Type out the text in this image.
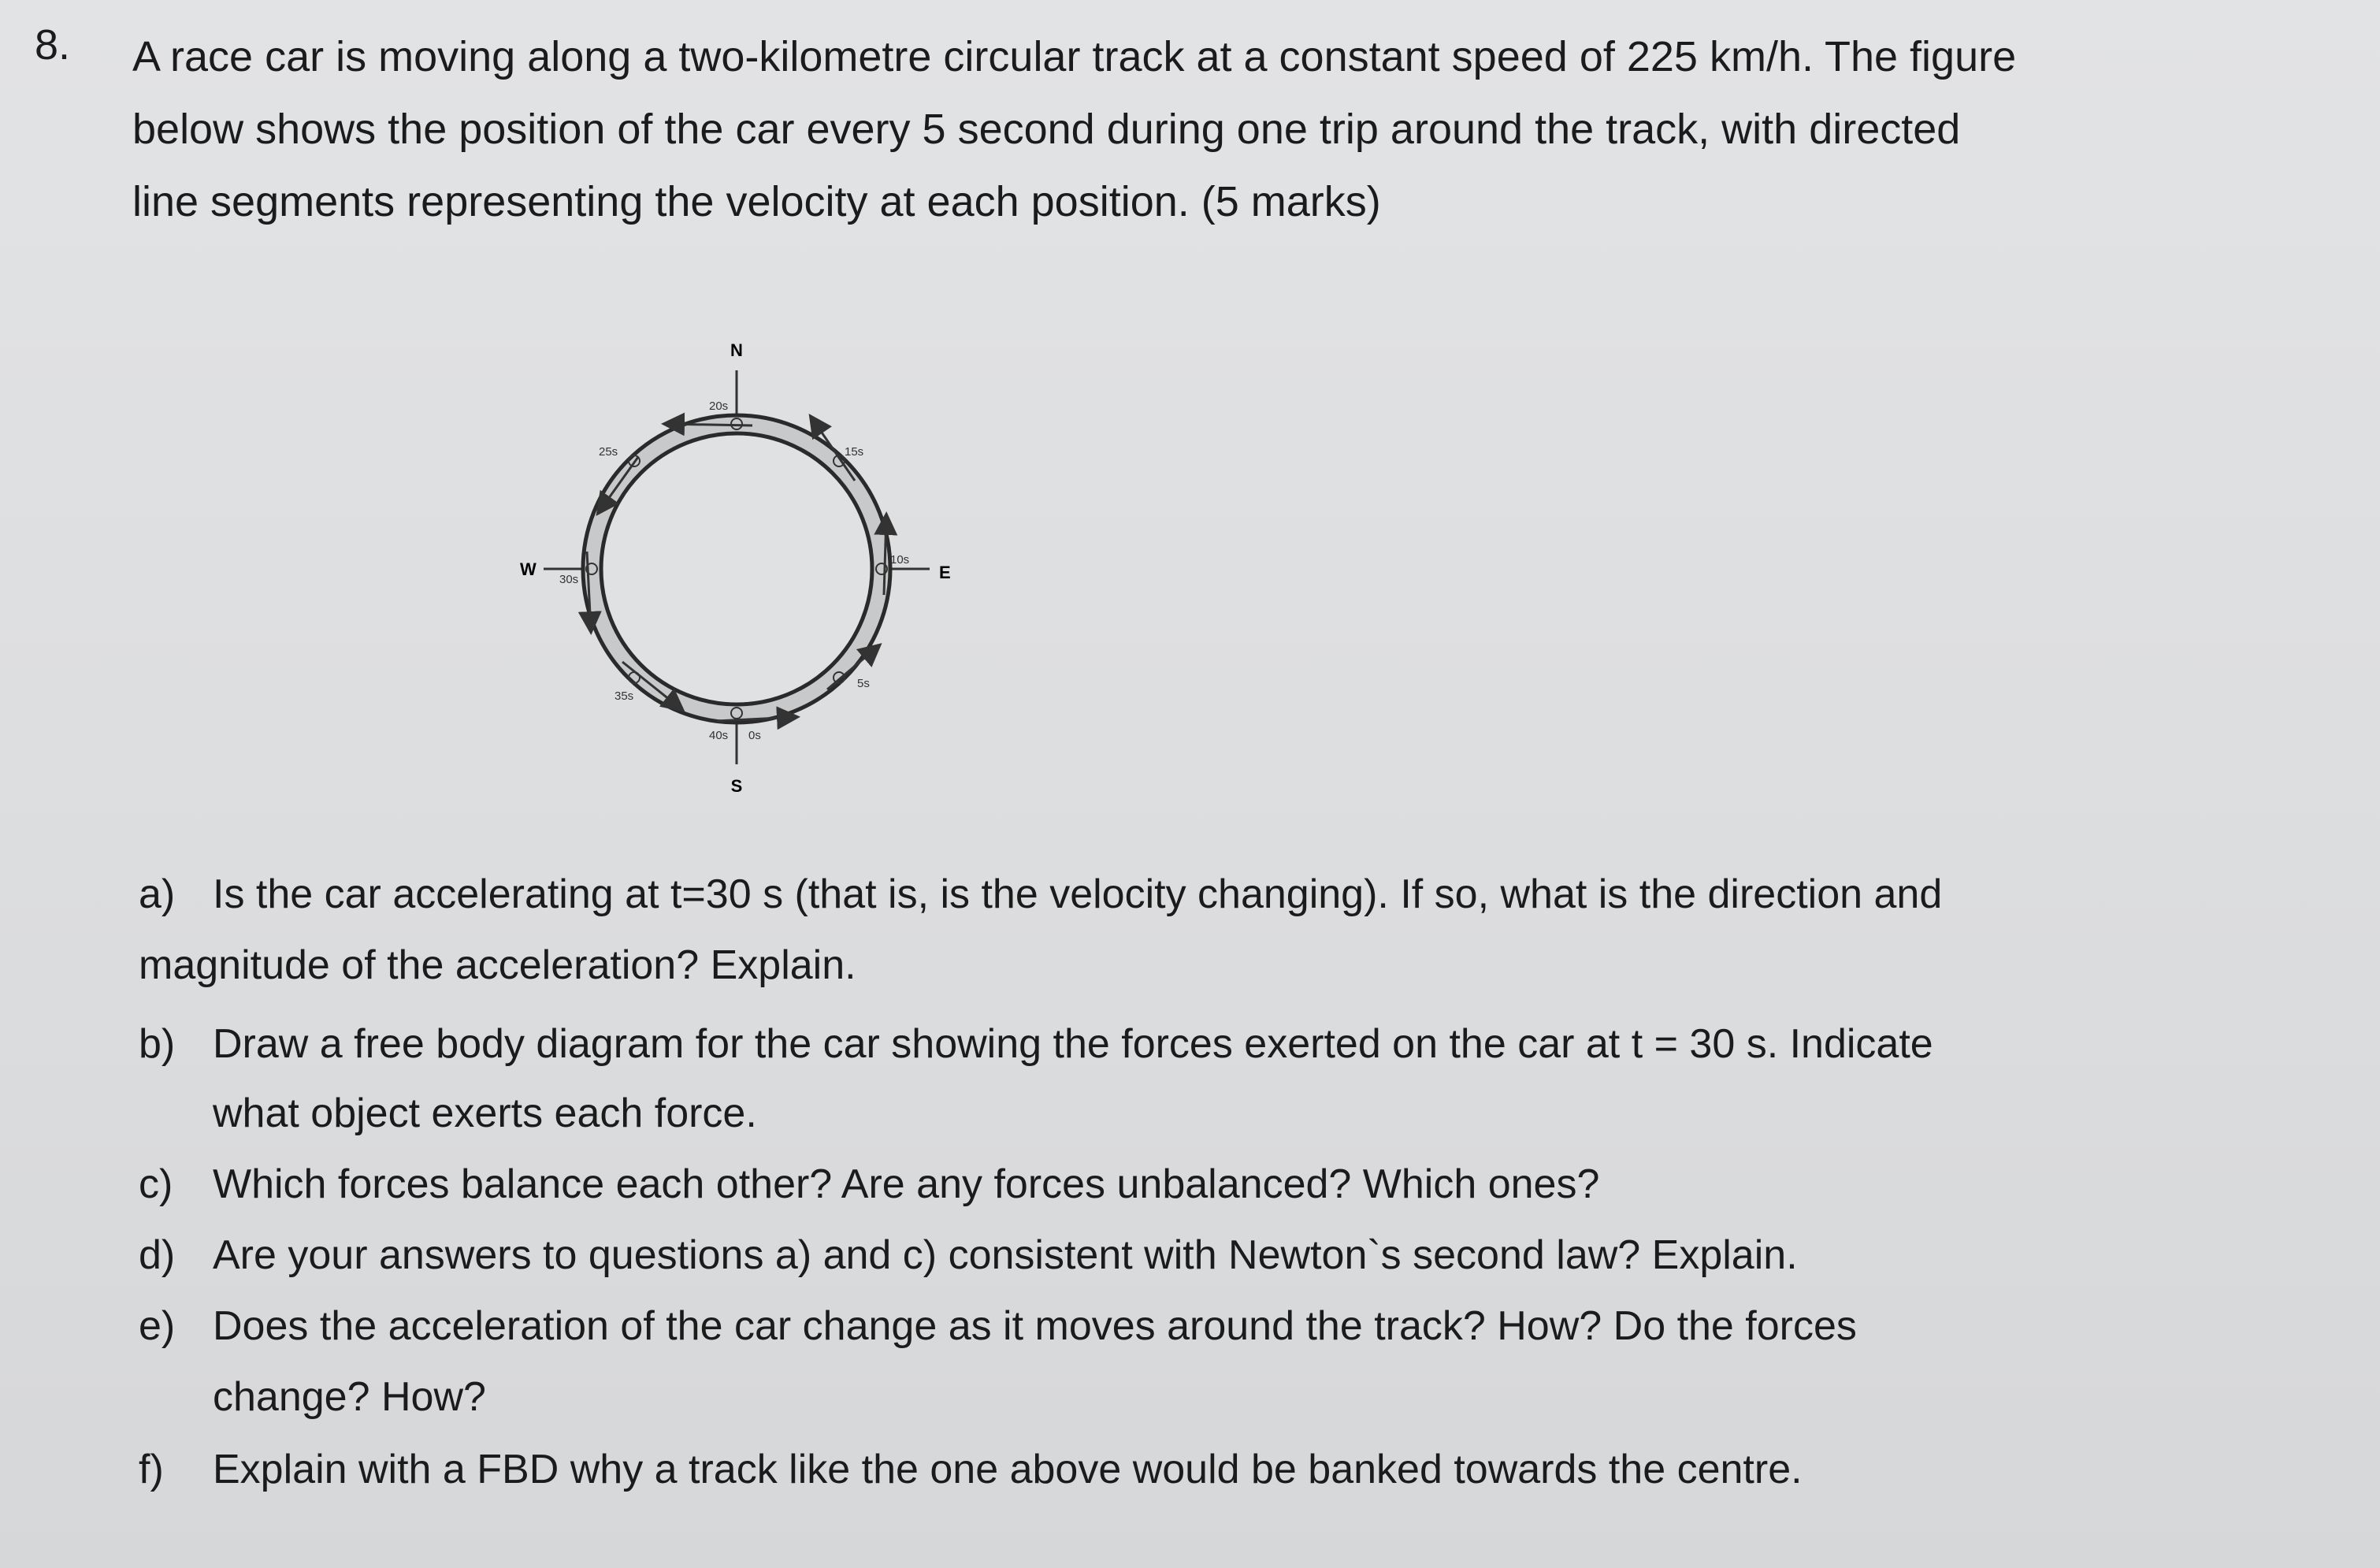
8. A race car is moving along a two-kilometre circular track at a constant speed of 225 km/h. The figure
below shows the position of the car every 5 second during one trip around the track, with directed
line segments representing the velocity at each position. (5 marks)
N
S
W	E
0s
5s
10s
15s
20s
25s
30s
35s
40s
a) Is the car accelerating at t=30 s (that is, is the velocity changing). If so, what is the direction and
magnitude of the acceleration? Explain.
b) Draw a free body diagram for the car showing the forces exerted on the car at t = 30 s. Indicate
what object exerts each force.
c) Which forces balance each other? Are any forces unbalanced? Which ones?
d) Are your answers to questions a) and c) consistent with Newton`s second law? Explain.
e) Does the acceleration of the car change as it moves around the track? How? Do the forces
change? How?
f) Explain with a FBD why a track like the one above would be banked towards the centre.
